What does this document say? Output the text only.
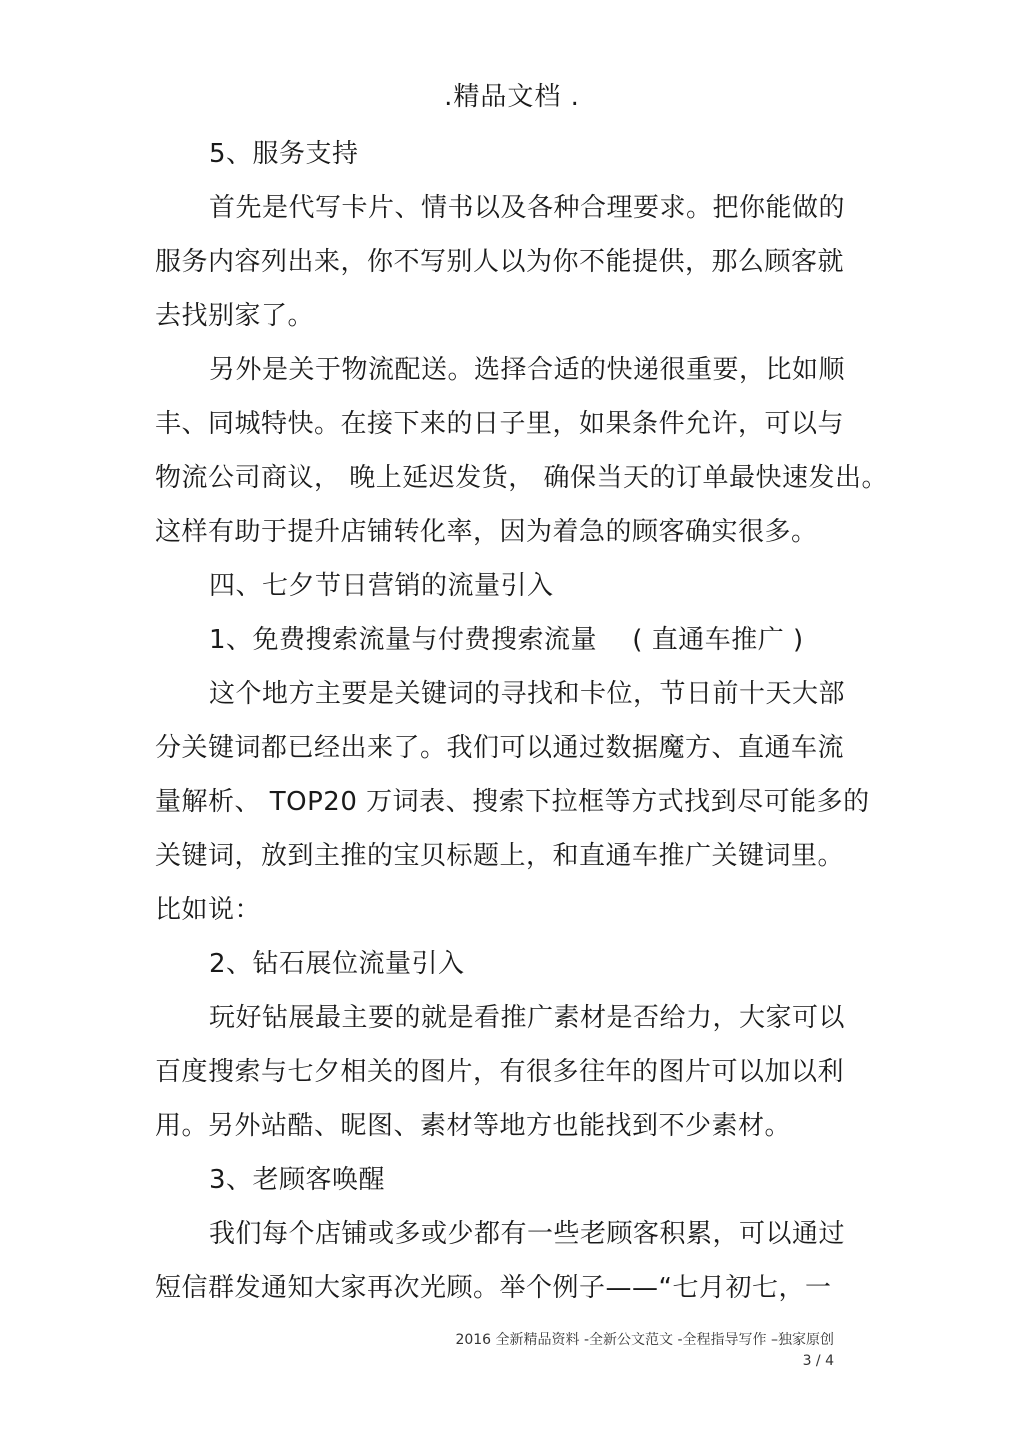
.精品文档 .
5、服务支持
首先是代写卡片、情书以及各种合理要求。把你能做的
服务内容列出来，你不写别人以为你不能提供，那么顾客就
去找别家了。
另外是关于物流配送。选择合适的快递很重要，比如顺
丰、同城特快。在接下来的日子里，如果条件允许，可以与
物流公司商议， 晚上延迟发货， 确保当天的订单最快速发出。
这样有助于提升店铺转化率，因为着急的顾客确实很多。
四、七夕节日营销的流量引入
1、免费搜索流量与付费搜索流量　 ( 直通车推广 )
这个地方主要是关键词的寻找和卡位，节日前十天大部
分关键词都已经出来了。我们可以通过数据魔方、直通车流
量解析、 TOP20 万词表、搜索下拉框等方式找到尽可能多的
关键词，放到主推的宝贝标题上，和直通车推广关键词里。
比如说：
2、钻石展位流量引入
玩好钻展最主要的就是看推广素材是否给力，大家可以
百度搜索与七夕相关的图片，有很多往年的图片可以加以利
用。另外站酷、昵图、素材等地方也能找到不少素材。
3、老顾客唤醒
我们每个店铺或多或少都有一些老顾客积累，可以通过
短信群发通知大家再次光顾。举个例子——“七月初七，一
2016 全新精品资料 -全新公文范文 -全程指导写作 –独家原创
3 / 4
